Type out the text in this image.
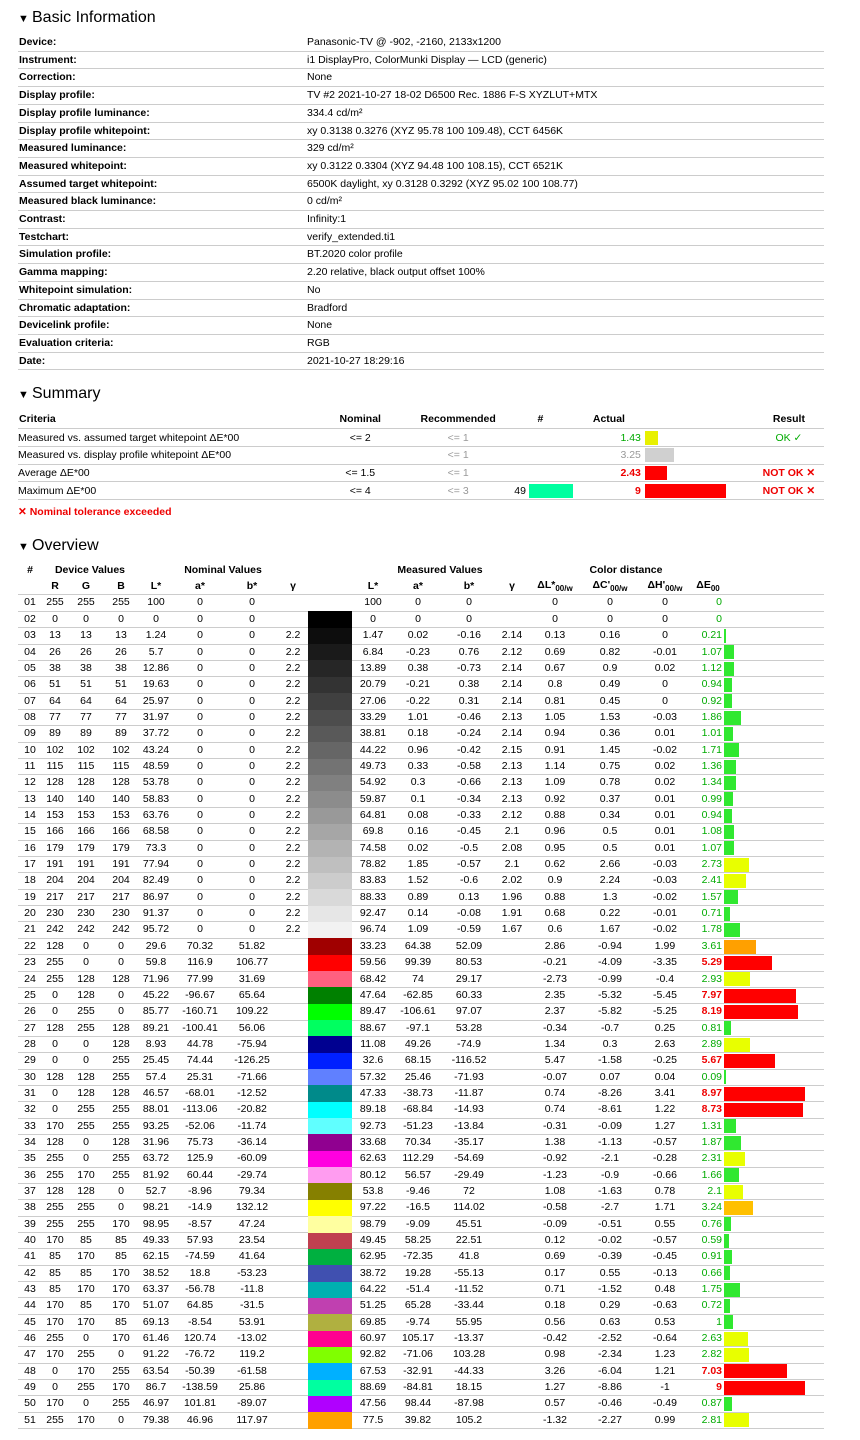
▼ Basic Information
Device:	Panasonic-TV @ -902, -2160, 2133x1200
Instrument:	i1 DisplayPro, ColorMunki Display — LCD (generic)
Correction:	None
Display profile:	TV #2 2021-10-27 18-02 D6500 Rec. 1886 F-S XYZLUT+MTX
Display profile luminance:	334.4 cd/m²
Display profile whitepoint:	xy 0.3138 0.3276 (XYZ 95.78 100 109.48), CCT 6456K
Measured luminance:	329 cd/m²
Measured whitepoint:	xy 0.3122 0.3304 (XYZ 94.48 100 108.15), CCT 6521K
Assumed target whitepoint:	6500K daylight, xy 0.3128 0.3292 (XYZ 95.02 100 108.77)
Measured black luminance:	0 cd/m²
Contrast:	Infinity:1
Testchart:	verify_extended.ti1
Simulation profile:	BT.2020 color profile
Gamma mapping:	2.20 relative, black output offset 100%
Whitepoint simulation:	No
Chromatic adaptation:	Bradford
Devicelink profile:	None
Evaluation criteria:	RGB
Date:	2021-10-27 18:29:16
▼ Summary
Criteria	Nominal	Recommended	#	Actual		Result
Measured vs. assumed target whitepoint ΔE*00	<= 2	<= 1		1.43		OK ✓
Measured vs. display profile whitepoint ΔE*00		<= 1		3.25		
Average ΔE*00	<= 1.5	<= 1		2.43		NOT OK ✕
Maximum ΔE*00	<= 4	<= 3	49	9		NOT OK ✕
✕ Nominal tolerance exceeded
▼ Overview
#	Device Values			Nominal Values					Measured Values				Color distance				
	R	G	B	L*	a*	b*	γ		L*	a*	b*	γ	$\Delta L*_{00/w}$	$\Delta C'_{00/w}$	$\Delta H'_{00/w}$	$\Delta E_{00}$	
01	255	255	255	100	0	0			100	0	0		0	0	0	0	
02	0	0	0	0	0	0			0	0	0		0	0	0	0	
03	13	13	13	1.24	0	0	2.2		1.47	0.02	-0.16	2.14	0.13	0.16	0	0.21	

04	26	26	26	5.7	0	0	2.2		6.84	-0.23	0.76	2.12	0.69	0.82	-0.01	1.07	

05	38	38	38	12.86	0	0	2.2		13.89	0.38	-0.73	2.14	0.67	0.9	0.02	1.12	

06	51	51	51	19.63	0	0	2.2		20.79	-0.21	0.38	2.14	0.8	0.49	0	0.94	

07	64	64	64	25.97	0	0	2.2		27.06	-0.22	0.31	2.14	0.81	0.45	0	0.92	

08	77	77	77	31.97	0	0	2.2		33.29	1.01	-0.46	2.13	1.05	1.53	-0.03	1.86	

09	89	89	89	37.72	0	0	2.2		38.81	0.18	-0.24	2.14	0.94	0.36	0.01	1.01	

10	102	102	102	43.24	0	0	2.2		44.22	0.96	-0.42	2.15	0.91	1.45	-0.02	1.71	

11	115	115	115	48.59	0	0	2.2		49.73	0.33	-0.58	2.13	1.14	0.75	0.02	1.36	

12	128	128	128	53.78	0	0	2.2		54.92	0.3	-0.66	2.13	1.09	0.78	0.02	1.34	

13	140	140	140	58.83	0	0	2.2		59.87	0.1	-0.34	2.13	0.92	0.37	0.01	0.99	

14	153	153	153	63.76	0	0	2.2		64.81	0.08	-0.33	2.12	0.88	0.34	0.01	0.94	

15	166	166	166	68.58	0	0	2.2		69.8	0.16	-0.45	2.1	0.96	0.5	0.01	1.08	

16	179	179	179	73.3	0	0	2.2		74.58	0.02	-0.5	2.08	0.95	0.5	0.01	1.07	

17	191	191	191	77.94	0	0	2.2		78.82	1.85	-0.57	2.1	0.62	2.66	-0.03	2.73	

18	204	204	204	82.49	0	0	2.2		83.83	1.52	-0.6	2.02	0.9	2.24	-0.03	2.41	

19	217	217	217	86.97	0	0	2.2		88.33	0.89	0.13	1.96	0.88	1.3	-0.02	1.57	

20	230	230	230	91.37	0	0	2.2		92.47	0.14	-0.08	1.91	0.68	0.22	-0.01	0.71	

21	242	242	242	95.72	0	0	2.2		96.74	1.09	-0.59	1.67	0.6	1.67	-0.02	1.78	

22	128	0	0	29.6	70.32	51.82			33.23	64.38	52.09		2.86	-0.94	1.99	3.61	

23	255	0	0	59.8	116.9	106.77			59.56	99.39	80.53		-0.21	-4.09	-3.35	5.29	

24	255	128	128	71.96	77.99	31.69			68.42	74	29.17		-2.73	-0.99	-0.4	2.93	

25	0	128	0	45.22	-96.67	65.64			47.64	-62.85	60.33		2.35	-5.32	-5.45	7.97	

26	0	255	0	85.77	-160.71	109.22			89.47	-106.61	97.07		2.37	-5.82	-5.25	8.19	

27	128	255	128	89.21	-100.41	56.06			88.67	-97.1	53.28		-0.34	-0.7	0.25	0.81	

28	0	0	128	8.93	44.78	-75.94			11.08	49.26	-74.9		1.34	0.3	2.63	2.89	

29	0	0	255	25.45	74.44	-126.25			32.6	68.15	-116.52		5.47	-1.58	-0.25	5.67	

30	128	128	255	57.4	25.31	-71.66			57.32	25.46	-71.93		-0.07	0.07	0.04	0.09	

31	0	128	128	46.57	-68.01	-12.52			47.33	-38.73	-11.87		0.74	-8.26	3.41	8.97	

32	0	255	255	88.01	-113.06	-20.82			89.18	-68.84	-14.93		0.74	-8.61	1.22	8.73	

33	170	255	255	93.25	-52.06	-11.74			92.73	-51.23	-13.84		-0.31	-0.09	1.27	1.31	

34	128	0	128	31.96	75.73	-36.14			33.68	70.34	-35.17		1.38	-1.13	-0.57	1.87	

35	255	0	255	63.72	125.9	-60.09			62.63	112.29	-54.69		-0.92	-2.1	-0.28	2.31	

36	255	170	255	81.92	60.44	-29.74			80.12	56.57	-29.49		-1.23	-0.9	-0.66	1.66	

37	128	128	0	52.7	-8.96	79.34			53.8	-9.46	72		1.08	-1.63	0.78	2.1	

38	255	255	0	98.21	-14.9	132.12			97.22	-16.5	114.02		-0.58	-2.7	1.71	3.24	

39	255	255	170	98.95	-8.57	47.24			98.79	-9.09	45.51		-0.09	-0.51	0.55	0.76	

40	170	85	85	49.33	57.93	23.54			49.45	58.25	22.51		0.12	-0.02	-0.57	0.59	

41	85	170	85	62.15	-74.59	41.64			62.95	-72.35	41.8		0.69	-0.39	-0.45	0.91	

42	85	85	170	38.52	18.8	-53.23			38.72	19.28	-55.13		0.17	0.55	-0.13	0.66	

43	85	170	170	63.37	-56.78	-11.8			64.22	-51.4	-11.52		0.71	-1.52	0.48	1.75	

44	170	85	170	51.07	64.85	-31.5			51.25	65.28	-33.44		0.18	0.29	-0.63	0.72	

45	170	170	85	69.13	-8.54	53.91			69.85	-9.74	55.95		0.56	0.63	0.53	1	

46	255	0	170	61.46	120.74	-13.02			60.97	105.17	-13.37		-0.42	-2.52	-0.64	2.63	

47	170	255	0	91.22	-76.72	119.2			92.82	-71.06	103.28		0.98	-2.34	1.23	2.82	

48	0	170	255	63.54	-50.39	-61.58			67.53	-32.91	-44.33		3.26	-6.04	1.21	7.03	

49	0	255	170	86.7	-138.59	25.86			88.69	-84.81	18.15		1.27	-8.86	-1	9	

50	170	0	255	46.97	101.81	-89.07			47.56	98.44	-87.98		0.57	-0.46	-0.49	0.87	

51	255	170	0	79.38	46.96	117.97			77.5	39.82	105.2		-1.32	-2.27	0.99	2.81	
